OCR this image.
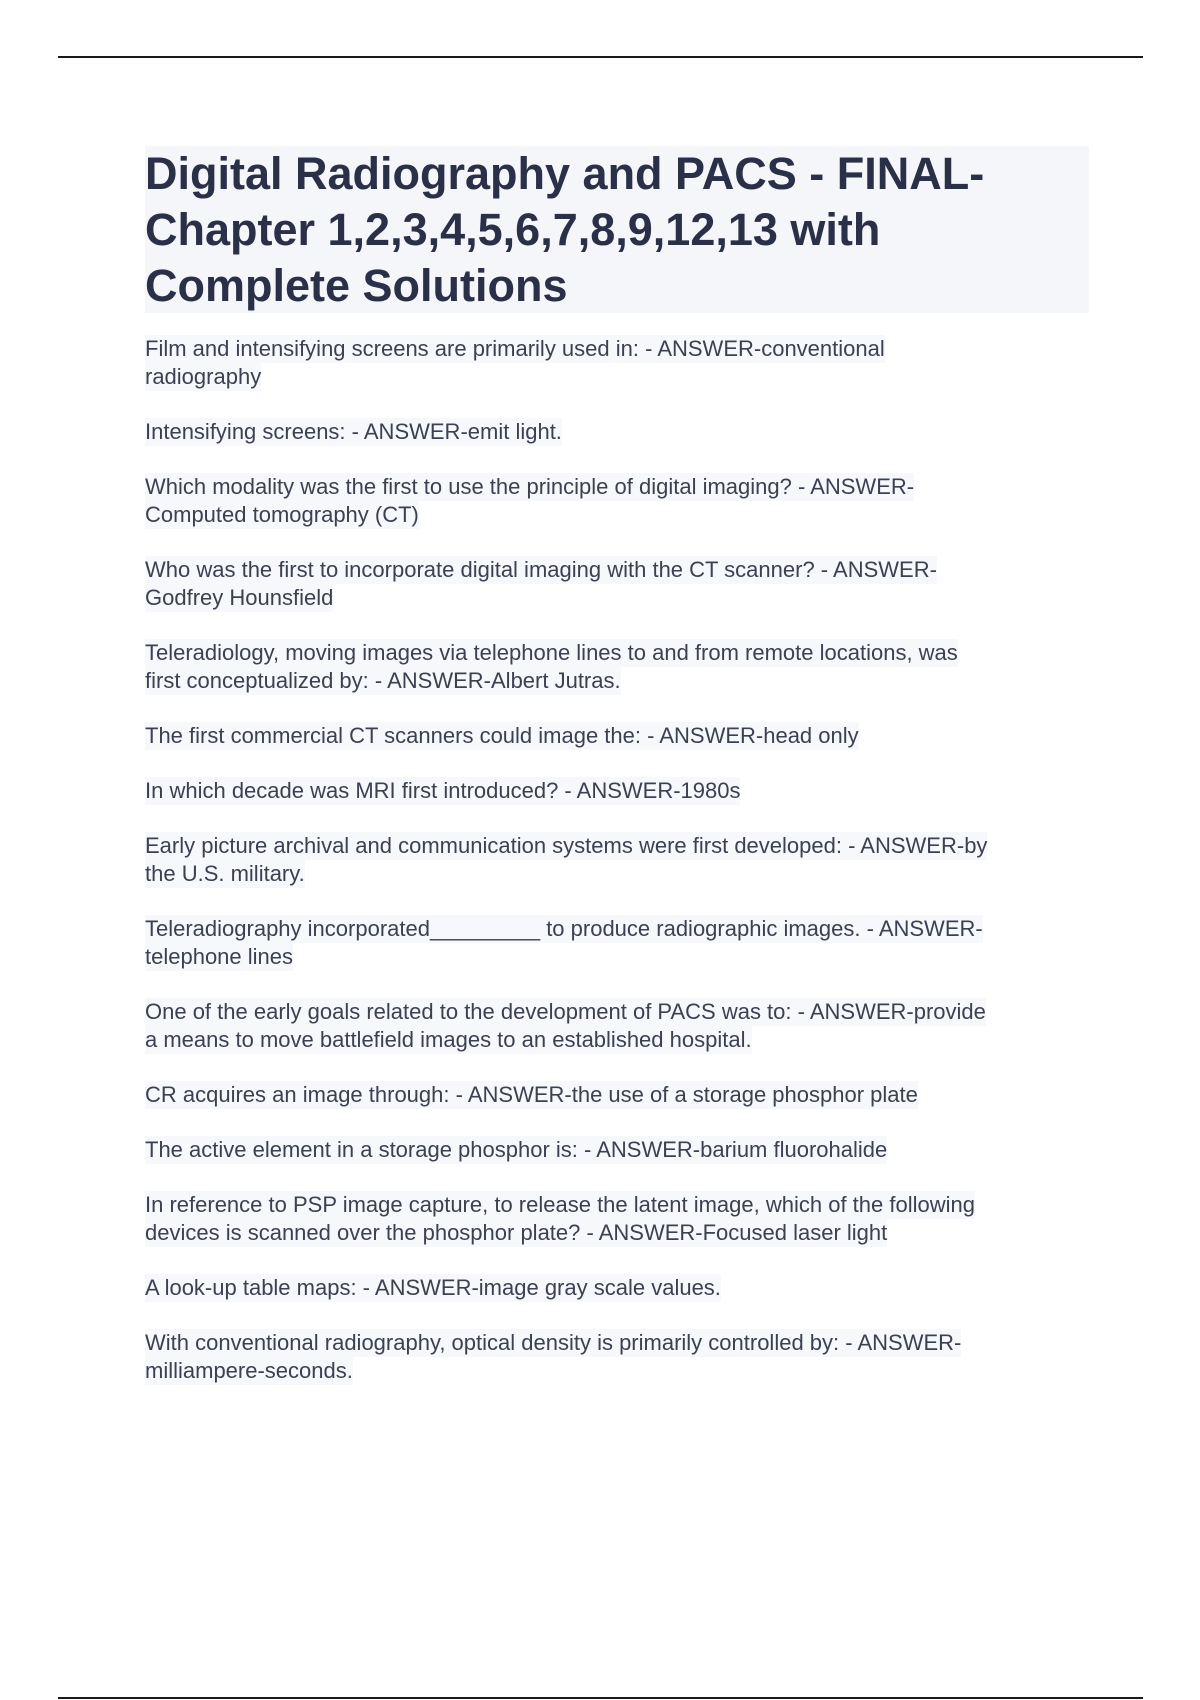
Digital Radiography and PACS - FINAL-
Chapter 1,2,3,4,5,6,7,8,9,12,13 with
Complete Solutions
Film and intensifying screens are primarily used in: - ANSWER-conventional
radiography
Intensifying screens: - ANSWER-emit light.
Which modality was the first to use the principle of digital imaging? - ANSWER-
Computed tomography (CT)
Who was the first to incorporate digital imaging with the CT scanner? - ANSWER-
Godfrey Hounsfield
Teleradiology, moving images via telephone lines to and from remote locations, was
first conceptualized by: - ANSWER-Albert Jutras.
The first commercial CT scanners could image the: - ANSWER-head only
In which decade was MRI first introduced? - ANSWER-1980s
Early picture archival and communication systems were first developed: - ANSWER-by
the U.S. military.
Teleradiography incorporated_________ to produce radiographic images. - ANSWER-
telephone lines
One of the early goals related to the development of PACS was to: - ANSWER-provide
a means to move battlefield images to an established hospital.
CR acquires an image through: - ANSWER-the use of a storage phosphor plate
The active element in a storage phosphor is: - ANSWER-barium fluorohalide
In reference to PSP image capture, to release the latent image, which of the following
devices is scanned over the phosphor plate? - ANSWER-Focused laser light
A look-up table maps: - ANSWER-image gray scale values.
With conventional radiography, optical density is primarily controlled by: - ANSWER-
milliampere-seconds.
